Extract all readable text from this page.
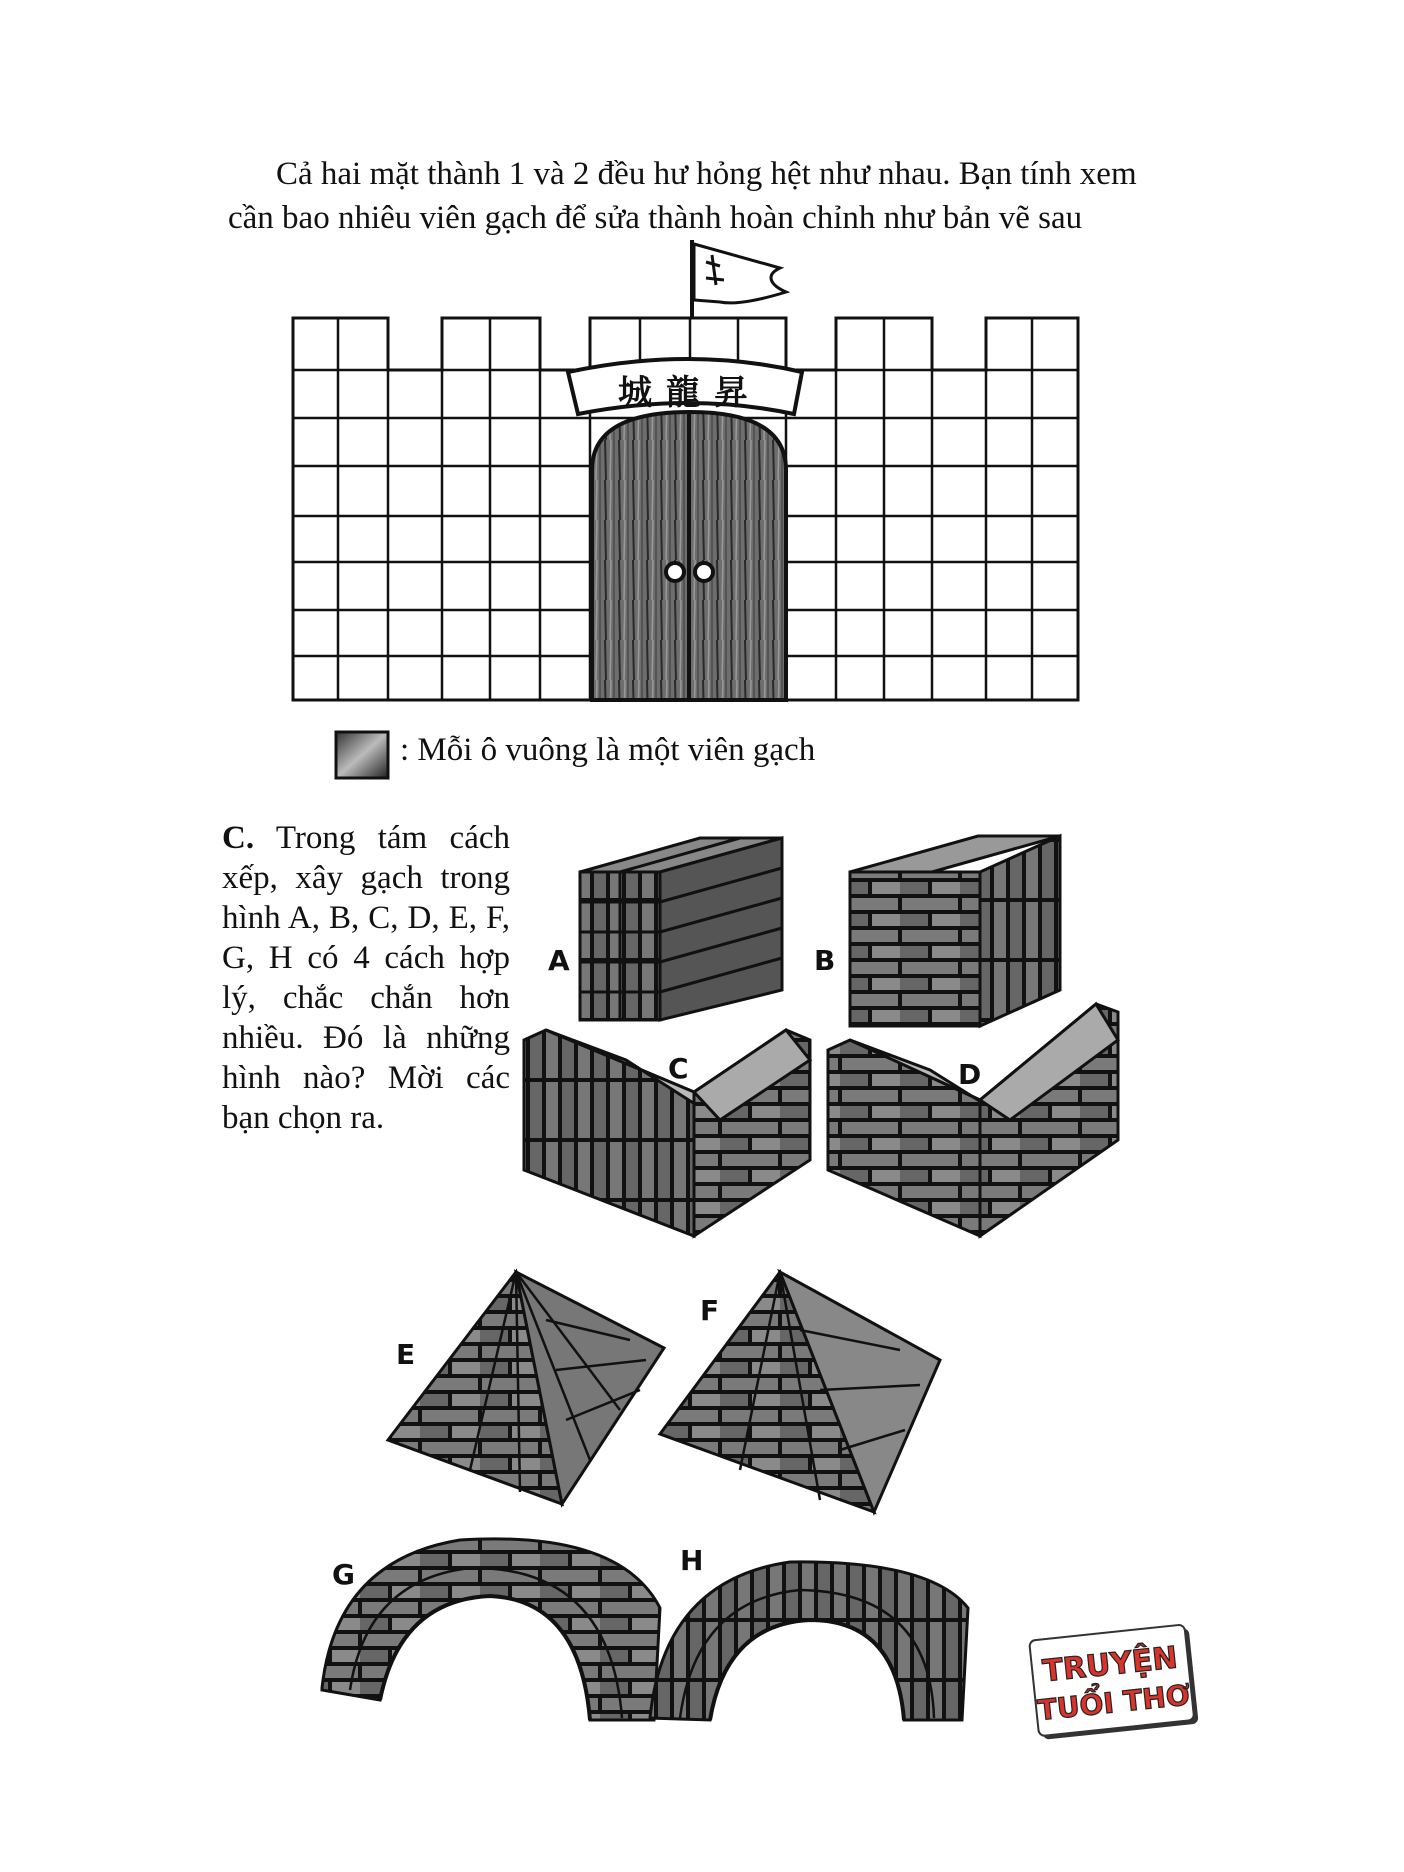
Cả hai mặt thành 1 và 2 đều hư hỏng hệt như nhau. Bạn tính xem cần bao nhiêu viên gạch để sửa thành hoàn chỉnh như bản vẽ sau

城龍昇
: Mỗi ô vuông là một viên gạch

C. Trong tám cách xếp, xây gạch trong hình A, B, C, D, E, F, G, H có 4 cách hợp lý, chắc chắn hơn nhiều. Đó là những hình nào? Mời các bạn chọn ra.

A	B
C	D
E
F
G	H
TRUYỆN
TUỔI THƠ
